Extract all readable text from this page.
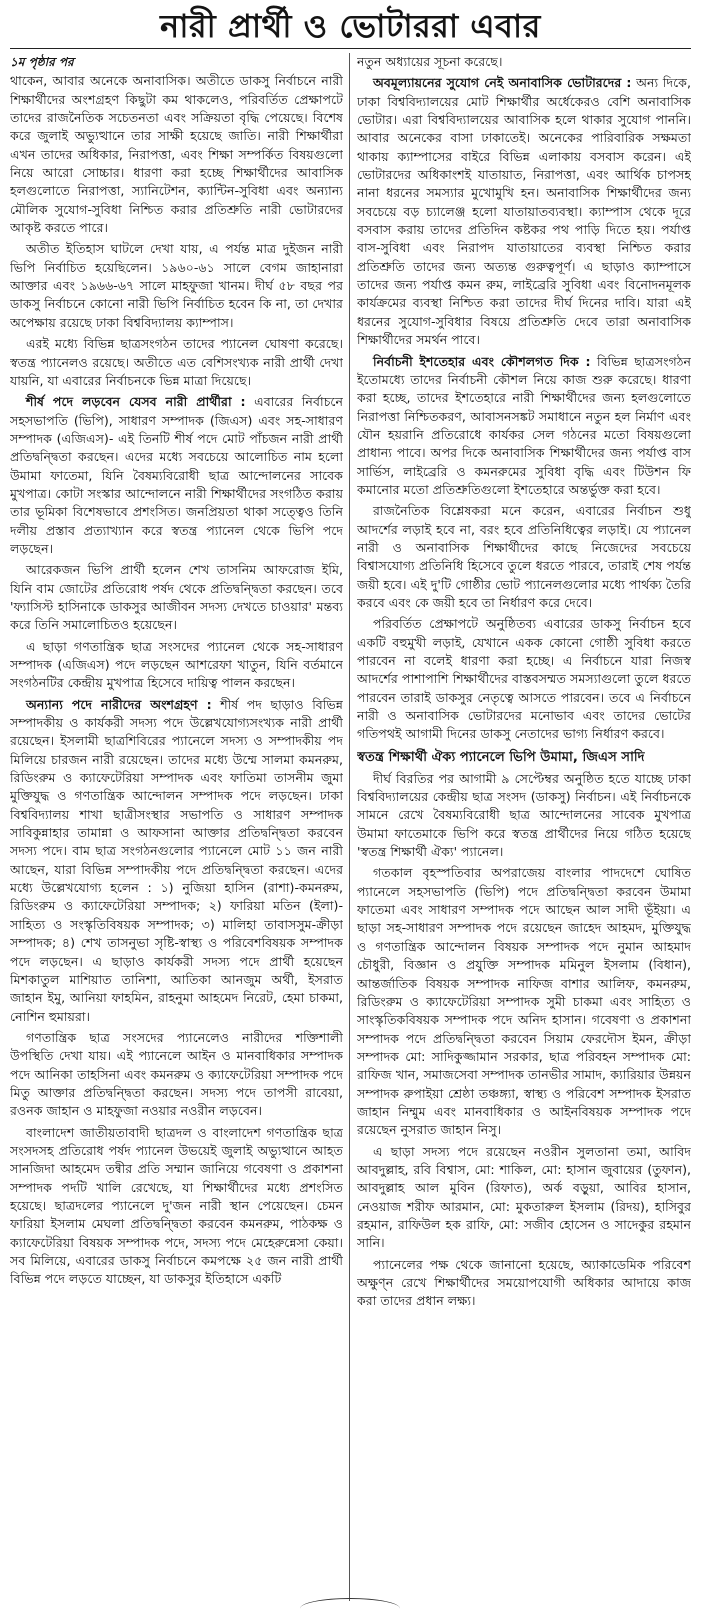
নারী প্রার্থী ও ভোটাররা এবার

১ম পৃষ্ঠার পর

থাকেন, আবার অনেকে অনাবাসিক। অতীতে ডাকসু নির্বাচনে নারী শিক্ষার্থীদের অংশগ্রহণ কিছুটা কম থাকলেও, পরিবর্তিত প্রেক্ষাপটে তাদের রাজনৈতিক সচেতনতা এবং সক্রিয়তা বৃদ্ধি পেয়েছে। বিশেষ করে জুলাই অভ্যুত্থানে তার সাক্ষী হয়েছে জাতি। নারী শিক্ষার্থীরা এখন তাদের অধিকার, নিরাপত্তা, এবং শিক্ষা সম্পর্কিত বিষয়গুলো নিয়ে আরো সোচ্চার। ধারণা করা হচ্ছে শিক্ষার্থীদের আবাসিক হলগুলোতে নিরাপত্তা, স্যানিটেশন, ক্যান্টিন-সুবিধা এবং অন্যান্য মৌলিক সুযোগ-সুবিধা নিশ্চিত করার প্রতিশ্রুতি নারী ভোটারদের আকৃষ্ট করতে পারে।

অতীত ইতিহাস ঘাটলে দেখা যায়, এ পর্যন্ত মাত্র দুইজন নারী ভিপি নির্বাচিত হয়েছিলেন। ১৯৬০-৬১ সালে বেগম জাহানারা আক্তার এবং ১৯৬৬-৬৭ সালে মাহফুজা খানম। দীর্ঘ ৫৮ বছর পর ডাকসু নির্বাচনে কোনো নারী ভিপি নির্বাচিত হবেন কি না, তা দেখার অপেক্ষায় রয়েছে ঢাকা বিশ্ববিদ্যালয় ক্যাম্পাস।

এরই মধ্যে বিভিন্ন ছাত্রসংগঠন তাদের প্যানেল ঘোষণা করেছে। স্বতন্ত্র প্যানেলও রয়েছে। অতীতে এত বেশিসংখ্যক নারী প্রার্থী দেখা যায়নি, যা এবারের নির্বাচনকে ভিন্ন মাত্রা দিয়েছে।

শীর্ষ পদে লড়বেন যেসব নারী প্রার্থীরা : এবারের নির্বাচনে সহসভাপতি (ভিপি), সাধারণ সম্পাদক (জিএস) এবং সহ-সাধারণ সম্পাদক (এজিএস)- এই তিনটি শীর্ষ পদে মোট পাঁচজন নারী প্রার্থী প্রতিদ্বন্দ্বিতা করছেন। এদের মধ্যে সবচেয়ে আলোচিত নাম হলো উমামা ফাতেমা, যিনি বৈষম্যবিরোধী ছাত্র আন্দোলনের সাবেক মুখপাত্র। কোটা সংস্কার আন্দোলনে নারী শিক্ষার্থীদের সংগঠিত করায় তার ভূমিকা বিশেষভাবে প্রশংসিত। জনপ্রিয়তা থাকা সত্ত্বেও তিনি দলীয় প্রস্তাব প্রত্যাখ্যান করে স্বতন্ত্র প্যানেল থেকে ভিপি পদে লড়ছেন।

আরেকজন ভিপি প্রার্থী হলেন শেখ তাসনিম আফরোজ ইমি, যিনি বাম জোটের প্রতিরোধ পর্ষদ থেকে প্রতিদ্বন্দ্বিতা করছেন। তবে 'ফ্যাসিস্ট হাসিনাকে ডাকসুর আজীবন সদস্য দেখতে চাওয়ার' মন্তব্য করে তিনি সমালোচিতও হয়েছেন।

এ ছাড়া গণতান্ত্রিক ছাত্র সংসদের প্যানেল থেকে সহ-সাধারণ সম্পাদক (এজিএস) পদে লড়ছেন আশরেফা খাতুন, যিনি বর্তমানে সংগঠনটির কেন্দ্রীয় মুখপাত্র হিসেবে দায়িত্ব পালন করছেন।

অন্যান্য পদে নারীদের অংশগ্রহণ : শীর্ষ পদ ছাড়াও বিভিন্ন সম্পাদকীয় ও কার্যকরী সদস্য পদে উল্লেখযোগ্যসংখ্যক নারী প্রার্থী রয়েছেন। ইসলামী ছাত্রশিবিরের প্যানেলে সদস্য ও সম্পাদকীয় পদ মিলিয়ে চারজন নারী রয়েছেন। তাদের মধ্যে উম্মে সালমা কমনরুম, রিডিংরুম ও ক্যাফেটেরিয়া সম্পাদক এবং ফাতিমা তাসনীম জুমা মুক্তিযুদ্ধ ও গণতান্ত্রিক আন্দোলন সম্পাদক পদে লড়ছেন। ঢাকা বিশ্ববিদ্যালয় শাখা ছাত্রীসংস্থার সভাপতি ও সাধারণ সম্পাদক সাবিকুন্নাহার তামান্না ও আফসানা আক্তার প্রতিদ্বন্দ্বিতা করবেন সদস্য পদে। বাম ছাত্র সংগঠনগুলোর প্যানেলে মোট ১১ জন নারী আছেন, যারা বিভিন্ন সম্পাদকীয় পদে প্রতিদ্বন্দ্বিতা করছেন। এদের মধ্যে উল্লেখযোগ্য হলেন : ১) নুজিয়া হাসিন (রাশা)-কমনরুম, রিডিংরুম ও ক্যাফেটেরিয়া সম্পাদক; ২) ফারিয়া মতিন (ইলা)-সাহিত্য ও সংস্কৃতিবিষয়ক সম্পাদক; ৩) মালিহা তাবাসসুম-ক্রীড়া সম্পাদক; ৪) শেখ তাসনুভা সৃষ্টি-স্বাস্থ্য ও পরিবেশবিষয়ক সম্পাদক পদে লড়ছেন। এ ছাড়াও কার্যকরী সদস্য পদে প্রার্থী হয়েছেন মিশকাতুল মাশিয়াত তানিশা, আতিকা আনজুম অর্থী, ইসরাত জাহান ইমু, আনিয়া ফাহমিন, রাহনুমা আহমেদ নিরেট, হেমা চাকমা, নোশিন হুমায়রা।

গণতান্ত্রিক ছাত্র সংসদের প্যানেলেও নারীদের শক্তিশালী উপস্থিতি দেখা যায়। এই প্যানেলে আইন ও মানবাধিকার সম্পাদক পদে আনিকা তাহসিনা এবং কমনরুম ও ক্যাফেটেরিয়া সম্পাদক পদে মিতু আক্তার প্রতিদ্বন্দ্বিতা করছেন। সদস্য পদে তাপসী রাবেয়া, রওনক জাহান ও মাহফুজা নওয়ার নওরীন লড়বেন।

বাংলাদেশ জাতীয়তাবাদী ছাত্রদল ও বাংলাদেশ গণতান্ত্রিক ছাত্র সংসদসহ প্রতিরোধ পর্ষদ প্যানেল উভয়েই জুলাই অভ্যুত্থানে আহত সানজিদা আহমেদ তন্বীর প্রতি সম্মান জানিয়ে গবেষণা ও প্রকাশনা সম্পাদক পদটি খালি রেখেছে, যা শিক্ষার্থীদের মধ্যে প্রশংসিত হয়েছে। ছাত্রদলের প্যানেলে দু'জন নারী স্থান পেয়েছেন। চেমন ফারিয়া ইসলাম মেঘলা প্রতিদ্বন্দ্বিতা করবেন কমনরুম, পাঠকক্ষ ও ক্যাফেটেরিয়া বিষয়ক সম্পাদক পদে, সদস্য পদে মেহেরুন্নেসা কেয়া। সব মিলিয়ে, এবারের ডাকসু নির্বাচনে কমপক্ষে ২৫ জন নারী প্রার্থী বিভিন্ন পদে লড়তে যাচ্ছেন, যা ডাকসুর ইতিহাসে একটি

নতুন অধ্যায়ের সূচনা করেছে।

অবমূল্যায়নের সুযোগ নেই অনাবাসিক ভোটারদের : অন্য দিকে, ঢাকা বিশ্ববিদ্যালয়ের মোট শিক্ষার্থীর অর্ধেকেরও বেশি অনাবাসিক ভোটার। এরা বিশ্ববিদ্যালয়ের আবাসিক হলে থাকার সুযোগ পাননি। আবার অনেকের বাসা ঢাকাতেই। অনেকের পারিবারিক সক্ষমতা থাকায় ক্যাম্পাসের বাইরে বিভিন্ন এলাকায় বসবাস করেন। এই ভোটারদের অধিকাংশই যাতায়াত, নিরাপত্তা, এবং আর্থিক চাপসহ নানা ধরনের সমস্যার মুখোমুখি হন। অনাবাসিক শিক্ষার্থীদের জন্য সবচেয়ে বড় চ্যালেঞ্জ হলো যাতায়াতব্যবস্থা। ক্যাম্পাস থেকে দূরে বসবাস করায় তাদের প্রতিদিন কষ্টকর পথ পাড়ি দিতে হয়। পর্যাপ্ত বাস-সুবিধা এবং নিরাপদ যাতায়াতের ব্যবস্থা নিশ্চিত করার প্রতিশ্রুতি তাদের জন্য অত্যন্ত গুরুত্বপূর্ণ। এ ছাড়াও ক্যাম্পাসে তাদের জন্য পর্যাপ্ত কমন রুম, লাইব্রেরি সুবিধা এবং বিনোদনমূলক কার্যক্রমের ব্যবস্থা নিশ্চিত করা তাদের দীর্ঘ দিনের দাবি। যারা এই ধরনের সুযোগ-সুবিধার বিষয়ে প্রতিশ্রুতি দেবে তারা অনাবাসিক শিক্ষার্থীদের সমর্থন পাবে।

নির্বাচনী ইশতেহার এবং কৌশলগত দিক : বিভিন্ন ছাত্রসংগঠন ইতোমধ্যে তাদের নির্বাচনী কৌশল নিয়ে কাজ শুরু করেছে। ধারণা করা হচ্ছে, তাদের ইশতেহারে নারী শিক্ষার্থীদের জন্য হলগুলোতে নিরাপত্তা নিশ্চিতকরণ, আবাসনসঙ্কট সমাধানে নতুন হল নির্মাণ এবং যৌন হয়রানি প্রতিরোধে কার্যকর সেল গঠনের মতো বিষয়গুলো প্রাধান্য পাবে। অপর দিকে অনাবাসিক শিক্ষার্থীদের জন্য পর্যাপ্ত বাস সার্ভিস, লাইব্রেরি ও কমনরুমের সুবিধা বৃদ্ধি এবং টিউশন ফি কমানোর মতো প্রতিশ্রুতিগুলো ইশতেহারে অন্তর্ভুক্ত করা হবে।

রাজনৈতিক বিশ্লেষকরা মনে করেন, এবারের নির্বাচন শুধু আদর্শের লড়াই হবে না, বরং হবে প্রতিনিধিত্বের লড়াই। যে প্যানেল নারী ও অনাবাসিক শিক্ষার্থীদের কাছে নিজেদের সবচেয়ে বিশ্বাসযোগ্য প্রতিনিধি হিসেবে তুলে ধরতে পারবে, তারাই শেষ পর্যন্ত জয়ী হবে। এই দু'টি গোষ্ঠীর ভোট প্যানেলগুলোর মধ্যে পার্থক্য তৈরি করবে এবং কে জয়ী হবে তা নির্ধারণ করে দেবে।

পরিবর্তিত প্রেক্ষাপটে অনুষ্ঠিতব্য এবারের ডাকসু নির্বাচন হবে একটি বহুমুখী লড়াই, যেখানে একক কোনো গোষ্ঠী সুবিধা করতে পারবেন না বলেই ধারণা করা হচ্ছে। এ নির্বাচনে যারা নিজস্ব আদর্শের পাশাপাশি শিক্ষার্থীদের বাস্তবসম্মত সমস্যাগুলো তুলে ধরতে পারবেন তারাই ডাকসুর নেতৃত্বে আসতে পারবেন। তবে এ নির্বাচনে নারী ও অনাবাসিক ভোটারদের মনোভাব এবং তাদের ভোটের গতিপথই আগামী দিনের ডাকসু নেতাদের ভাগ্য নির্ধারণ করবে।

স্বতন্ত্র শিক্ষার্থী ঐক্য প্যানেলে ভিপি উমামা, জিএস সাদি

দীর্ঘ বিরতির পর আগামী ৯ সেপ্টেম্বর অনুষ্ঠিত হতে যাচ্ছে ঢাকা বিশ্ববিদ্যালয়ের কেন্দ্রীয় ছাত্র সংসদ (ডাকসু) নির্বাচন। এই নির্বাচনকে সামনে রেখে বৈষম্যবিরোধী ছাত্র আন্দোলনের সাবেক মুখপাত্র উমামা ফাতেমাকে ভিপি করে স্বতন্ত্র প্রার্থীদের নিয়ে গঠিত হয়েছে 'স্বতন্ত্র শিক্ষার্থী ঐক্য' প্যানেল।

গতকাল বৃহস্পতিবার অপরাজেয় বাংলার পাদদেশে ঘোষিত প্যানেলে সহসভাপতি (ভিপি) পদে প্রতিদ্বন্দ্বিতা করবেন উমামা ফাতেমা এবং সাধারণ সম্পাদক পদে আছেন আল সাদী ভূঁইয়া। এ ছাড়া সহ-সাধারণ সম্পাদক পদে রয়েছেন জাহেদ আহমদ, মুক্তিযুদ্ধ ও গণতান্ত্রিক আন্দোলন বিষয়ক সম্পাদক পদে নুমান আহমাদ চৌধুরী, বিজ্ঞান ও প্রযুক্তি সম্পাদক মমিনুল ইসলাম (বিধান), আন্তর্জাতিক বিষয়ক সম্পাদক নাফিজ বাশার আলিফ, কমনরুম, রিডিংরুম ও ক্যাফেটেরিয়া সম্পাদক সুমী চাকমা এবং সাহিত্য ও সাংস্কৃতিকবিষয়ক সম্পাদক পদে অনিদ হাসান। গবেষণা ও প্রকাশনা সম্পাদক পদে প্রতিদ্বন্দ্বিতা করবেন সিয়াম ফেরদৌস ইমন, ক্রীড়া সম্পাদক মো: সাদিকুজ্জামান সরকার, ছাত্র পরিবহন সম্পাদক মো: রাফিজ খান, সমাজসেবা সম্পাদক তানভীর সামাদ, ক্যারিয়ার উন্নয়ন সম্পাদক রুপাইয়া শ্রেষ্ঠা তঞ্চঙ্গ্যা, স্বাস্থ্য ও পরিবেশ সম্পাদক ইসরাত জাহান নিম্মুম এবং মানবাধিকার ও আইনবিষয়ক সম্পাদক পদে রয়েছেন নুসরাত জাহান নিসু।

এ ছাড়া সদস্য পদে রয়েছেন নওরীন সুলতানা তমা, আবিদ আবদুল্লাহ, রবি বিশ্বাস, মো: শাকিল, মো: হাসান জুবায়ের (তুফান), আবদুল্লাহ আল মুবিন (রিফাত), অর্ক বড়ুয়া, আবির হাসান, নেওয়াজ শরীফ আরমান, মো: মুকতারুল ইসলাম (রিদয়), হাসিবুর রহমান, রাফিউল হক রাফি, মো: সজীব হোসেন ও সাদেকুর রহমান সানি।

প্যানেলের পক্ষ থেকে জানানো হয়েছে, অ্যাকাডেমিক পরিবেশ অক্ষুণ্ন রেখে শিক্ষার্থীদের সময়োপযোগী অধিকার আদায়ে কাজ করা তাদের প্রধান লক্ষ্য।
